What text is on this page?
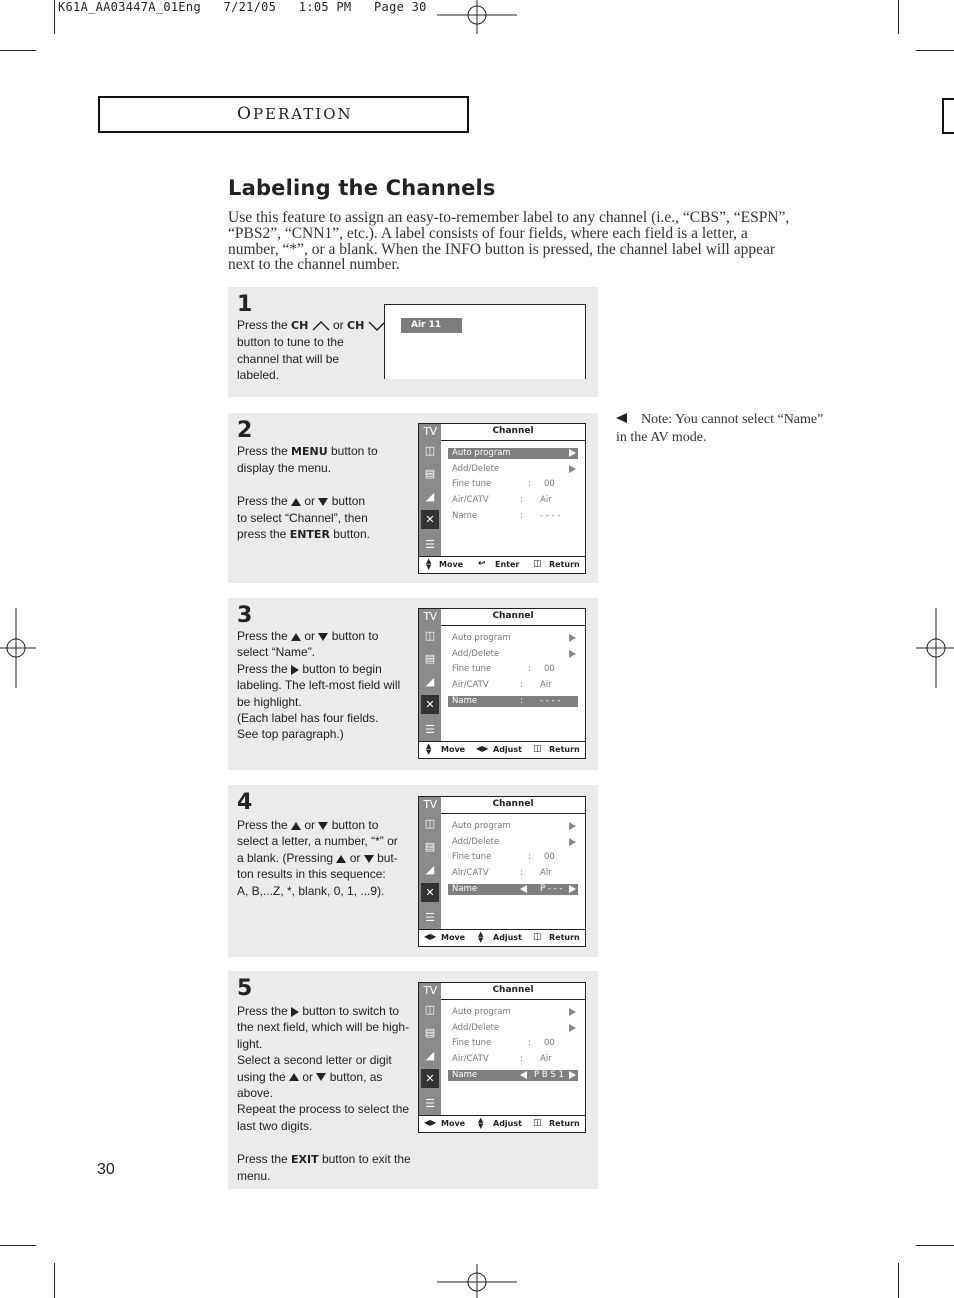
K61A_AA03447A_01Eng   7/21/05   1:05 PM   Page 30
OPERATION
Labeling the Channels
Use this feature to assign an easy-to-remember label to any channel (i.e., “CBS”, “ESPN”, “PBS2”, “CNN1”, etc.). A label consists of four fields, where each field is a letter, a number, “*”, or a blank. When the INFO button is pressed, the channel label will appear next to the channel number.
1
Press the CH  or CH
button to tune to the
channel that will be
labeled.
Air 11
2
Press the MENU button to
display the menu.

Press the  or  button
to select “Channel”, then
press the ENTER button.
TV
◫
▤
◢
✕
☰
Channel
Auto program
Add/Delete
Fine tune	: 00
Air/CATV	: Air
Name	: - - - -
▲
▼ Move ↩ Enter ◫ Return
3
Press the  or  button to
select “Name”.
Press the  button to begin
labeling. The left-most field will
be highlight.
(Each label has four fields.
See top paragraph.)
TV
◫
▤
◢
✕
☰
Channel
Auto program
Add/Delete
Fine tune	: 00
Air/CATV	: Air
Name	: - - - -
▲
▼ Move ◀▶ Adjust ◫ Return
4
Press the  or  button to
select a letter, a number, “*” or
a blank. (Pressing  or  but-
ton results in this sequence:
A, B,...Z, *, blank, 0, 1, ...9).
TV
◫
▤
◢
✕
☰
Channel
Auto program
Add/Delete
Fine tune	: 00
Air/CATV	: Air
Name	P - - -
◀▶ Move ▲
▼ Adjust ◫ Return
Note: You cannot select “Name” in the AV mode.
5
Press the  button to switch to
the next field, which will be high-
light.
Select a second letter or digit
using the  or  button, as
above.
Repeat the process to select the
last two digits.

Press the EXIT button to exit the
menu.
TV
◫
▤
◢
✕
☰
Channel
Auto program
Add/Delete
Fine tune	: 00
Air/CATV	: Air
Name	P B S 1
◀▶ Move ▲
▼ Adjust ◫ Return
30
